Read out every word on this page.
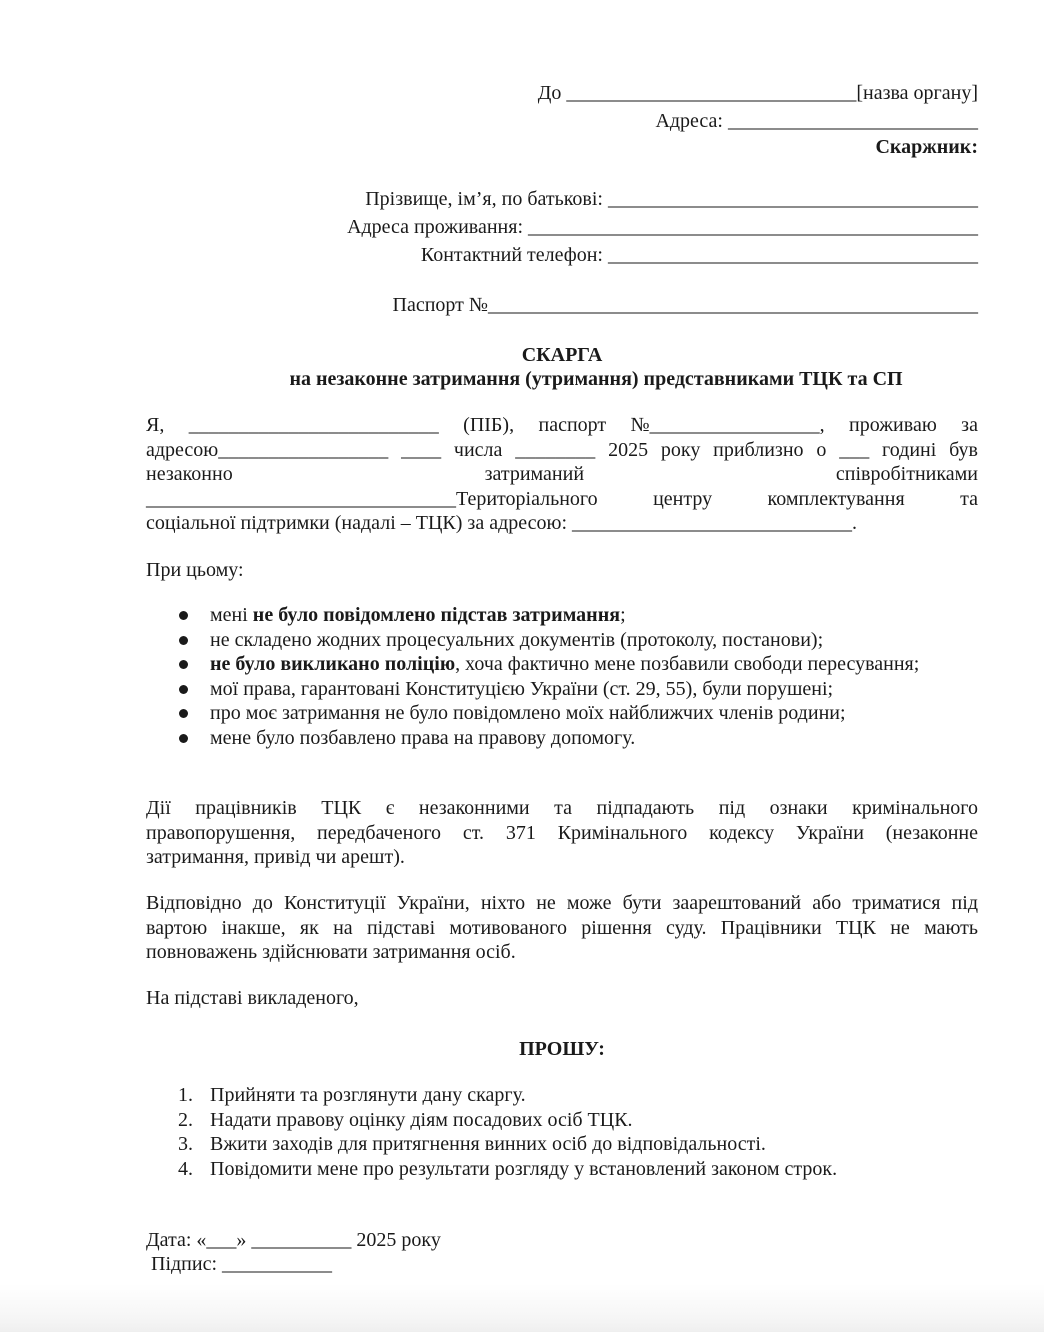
До _____________________________[назва органу]

Адреса: _________________________

Скаржник:

Прізвище, ім’я, по батькові: _____________________________________

Адреса проживання: _____________________________________________

Контактний телефон: _____________________________________

Паспорт №_________________________________________________

СКАРГА
на незаконне затримання (утримання) представниками ТЦК та СП
Я, _________________________ (ПІБ), паспорт №_________________, проживаю за
адресою_________________ ____ числа ________ 2025 року приблизно о ___ годині був
незаконно	затриманий	співробітниками
_______________________________Територіального	центру	комплектування	та
соціальної підтримки (надалі – ТЦК) за адресою: ____________________________.
При цьому:
мені не було повідомлено підстав затримання;
не складено жодних процесуальних документів (протоколу, постанови);
не було викликано поліцію, хоча фактично мене позбавили свободи пересування;
мої права, гарантовані Конституцією України (ст. 29, 55), були порушені;
про моє затримання не було повідомлено моїх найближчих членів родини;
мене було позбавлено права на правову допомогу.
Дії працівників ТЦК є незаконними та підпадають під ознаки кримінального
правопорушення, передбаченого ст. 371 Кримінального кодексу України (незаконне
затримання, привід чи арешт).
Відповідно до Конституції України, ніхто не може бути заарештований або триматися під
вартою інакше, як на підставі мотивованого рішення суду. Працівники ТЦК не мають
повноважень здійснювати затримання осіб.
На підставі викладеного,
ПРОШУ:
1. Прийняти та розглянути дану скаргу.
2. Надати правову оцінку діям посадових осіб ТЦК.
3. Вжити заходів для притягнення винних осіб до відповідальності.
4. Повідомити мене про результати розгляду у встановлений законом строк.
Дата: «___» __________ 2025 року
Підпис: ___________
